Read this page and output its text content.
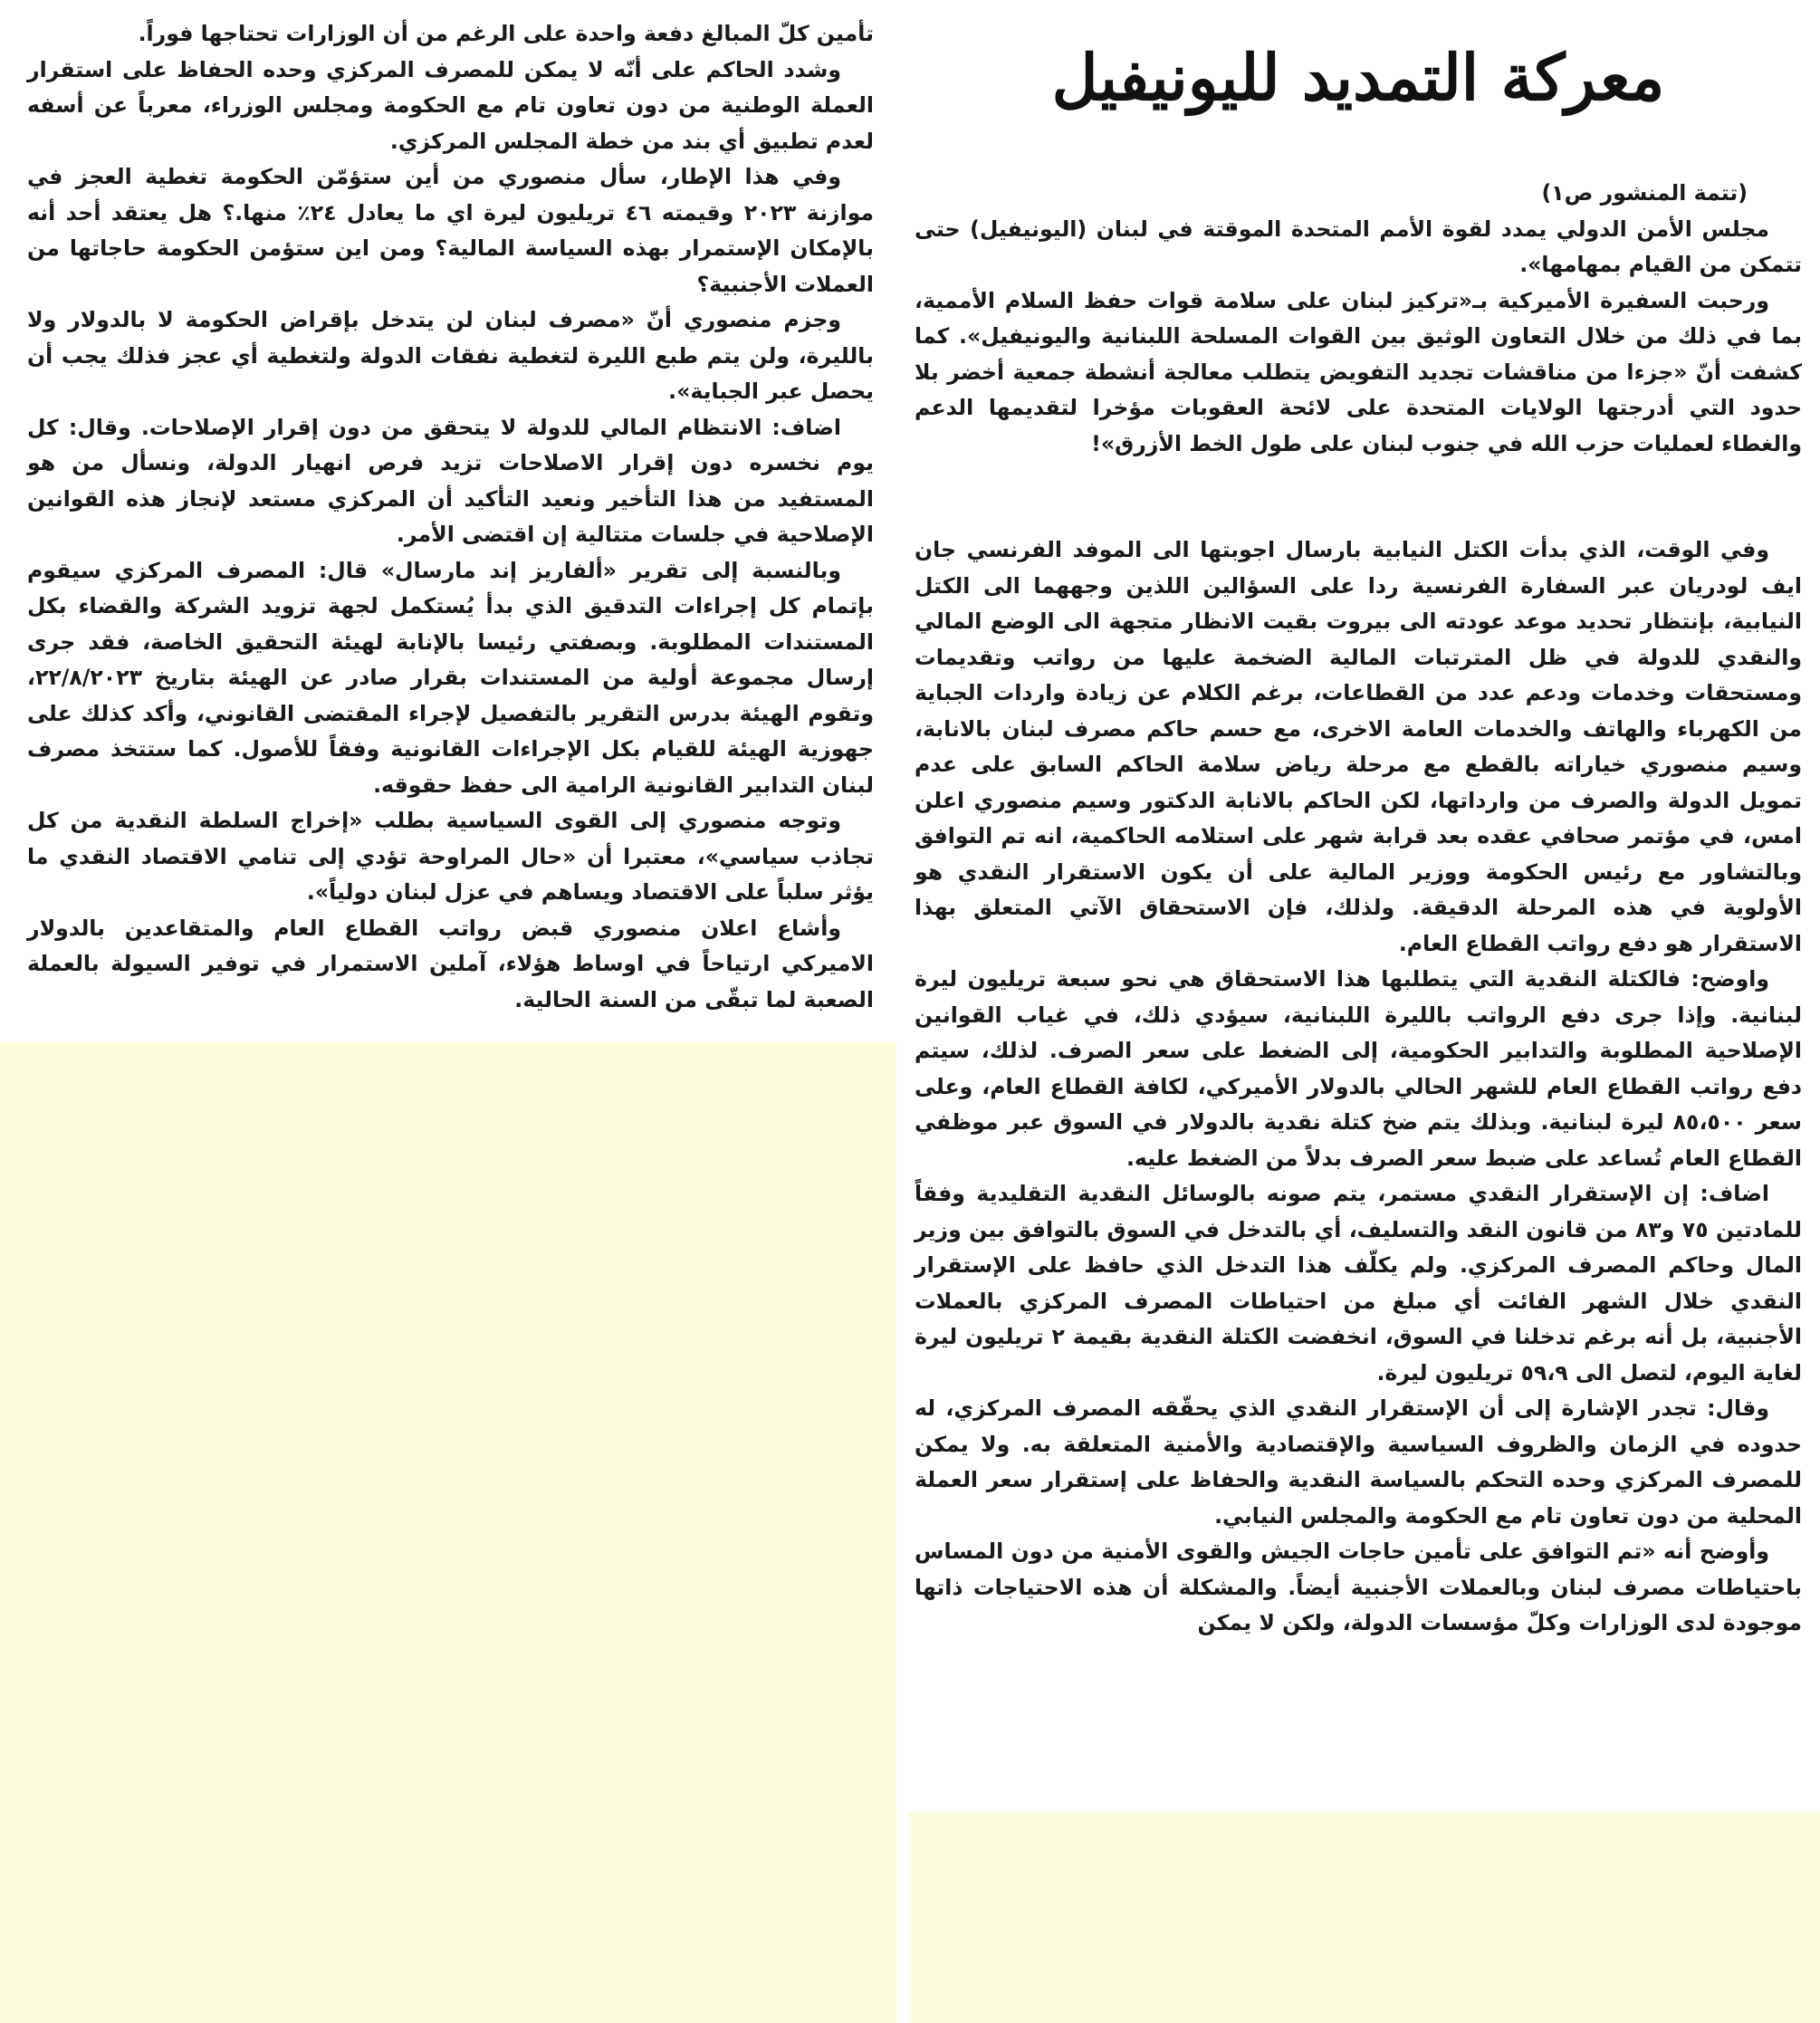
معركة التمديد لليونيفيل

(تتمة المنشور ص١)

مجلس الأمن الدولي يمدد لقوة الأمم المتحدة الموقتة في لبنان (اليونيفيل) حتى تتمكن من القيام بمهامها».

ورحبت السفيرة الأميركية بـ«تركيز لبنان على سلامة قوات حفظ السلام الأممية، بما في ذلك من خلال التعاون الوثيق بين القوات المسلحة اللبنانية واليونيفيل». كما كشفت أنّ «جزءا من مناقشات تجديد التفويض يتطلب معالجة أنشطة جمعية أخضر بلا حدود التي أدرجتها الولايات المتحدة على لائحة العقوبات مؤخرا لتقديمها الدعم والغطاء لعمليات حزب الله في جنوب لبنان على طول الخط الأزرق»!

وفي الوقت، الذي بدأت الكتل النيابية بارسال اجوبتها الى الموفد الفرنسي جان ايف لودريان عبر السفارة الفرنسية ردا على السؤالين اللذين وجههما الى الكتل النيابية، بإنتظار تحديد موعد عودته الى بيروت بقيت الانظار متجهة الى الوضع المالي والنقدي للدولة في ظل المترتبات المالية الضخمة عليها من رواتب وتقديمات ومستحقات وخدمات ودعم عدد من القطاعات، برغم الكلام عن زيادة واردات الجباية من الكهرباء والهاتف والخدمات العامة الاخرى، مع حسم حاكم مصرف لبنان بالانابة، وسيم منصوري خياراته بالقطع مع مرحلة رياض سلامة الحاكم السابق على عدم تمويل الدولة والصرف من وارداتها، لكن الحاكم بالانابة الدكتور وسيم منصوري اعلن امس، في مؤتمر صحافي عقده بعد قرابة شهر على استلامه الحاكمية، انه تم التوافق وبالتشاور مع رئيس الحكومة ووزير المالية على أن يكون الاستقرار النقدي هو الأولوية في هذه المرحلة الدقيقة. ولذلك، فإن الاستحقاق الآتي المتعلق بهذا الاستقرار هو دفع رواتب القطاع العام.

واوضح: فالكتلة النقدية التي يتطلبها هذا الاستحقاق هي نحو سبعة تريليون ليرة لبنانية. وإذا جرى دفع الرواتب بالليرة اللبنانية، سيؤدي ذلك، في غياب القوانين الإصلاحية المطلوبة والتدابير الحكومية، إلى الضغط على سعر الصرف. لذلك، سيتم دفع رواتب القطاع العام للشهر الحالي بالدولار الأميركي، لكافة القطاع العام، وعلى سعر ٨٥،٥٠٠ ليرة لبنانية. وبذلك يتم ضخ كتلة نقدية بالدولار في السوق عبر موظفي القطاع العام تُساعد على ضبط سعر الصرف بدلاً من الضغط عليه.

اضاف: إن الإستقرار النقدي مستمر، يتم صونه بالوسائل النقدية التقليدية وفقاً للمادتين ٧٥ و٨٣ من قانون النقد والتسليف، أي بالتدخل في السوق بالتوافق بين وزير المال وحاكم المصرف المركزي. ولم يكلّف هذا التدخل الذي حافظ على الإستقرار النقدي خلال الشهر الفائت أي مبلغ من احتياطات المصرف المركزي بالعملات الأجنبية، بل أنه برغم تدخلنا في السوق، انخفضت الكتلة النقدية بقيمة ٢ تريليون ليرة لغاية اليوم، لتصل الى ٥٩،٩ تريليون ليرة.

وقال: تجدر الإشارة إلى أن الإستقرار النقدي الذي يحقّقه المصرف المركزي، له حدوده في الزمان والظروف السياسية والإقتصادية والأمنية المتعلقة به. ولا يمكن للمصرف المركزي وحده التحكم بالسياسة النقدية والحفاظ على إستقرار سعر العملة المحلية من دون تعاون تام مع الحكومة والمجلس النيابي.

وأوضح أنه «تم التوافق على تأمين حاجات الجيش والقوى الأمنية من دون المساس باحتياطات مصرف لبنان وبالعملات الأجنبية أيضاً. والمشكلة أن هذه الاحتياجات ذاتها موجودة لدى الوزارات وكلّ مؤسسات الدولة، ولكن لا يمكن

تأمين كلّ المبالغ دفعة واحدة على الرغم من أن الوزارات تحتاجها فوراً.

وشدد الحاكم على أنّه لا يمكن للمصرف المركزي وحده الحفاظ على استقرار العملة الوطنية من دون تعاون تام مع الحكومة ومجلس الوزراء، معرباً عن أسفه لعدم تطبيق أي بند من خطة المجلس المركزي.

وفي هذا الإطار، سأل منصوري من أين ستؤمّن الحكومة تغطية العجز في موازنة ٢٠٢٣ وقيمته ٤٦ تريليون ليرة اي ما يعادل ٢٤٪ منها.؟ هل يعتقد أحد أنه بالإمكان الإستمرار بهذه السياسة المالية؟ ومن اين ستؤمن الحكومة حاجاتها من العملات الأجنبية؟

وجزم منصوري أنّ «مصرف لبنان لن يتدخل بإقراض الحكومة لا بالدولار ولا بالليرة، ولن يتم طبع الليرة لتغطية نفقات الدولة ولتغطية أي عجز فذلك يجب أن يحصل عبر الجباية».

اضاف: الانتظام المالي للدولة لا يتحقق من دون إقرار الإصلاحات. وقال: كل يوم نخسره دون إقرار الاصلاحات تزيد فرص انهيار الدولة، ونسأل من هو المستفيد من هذا التأخير ونعيد التأكيد أن المركزي مستعد لإنجاز هذه القوانين الإصلاحية في جلسات متتالية إن اقتضى الأمر.

وبالنسبة إلى تقرير «ألفاريز إند مارسال» قال: المصرف المركزي سيقوم بإتمام كل إجراءات التدقيق الذي بدأ يُستكمل لجهة تزويد الشركة والقضاء بكل المستندات المطلوبة. وبصفتي رئيسا بالإنابة لهيئة التحقيق الخاصة، فقد جرى إرسال مجموعة أولية من المستندات بقرار صادر عن الهيئة بتاريخ ٢٢/٨/٢٠٢٣، وتقوم الهيئة بدرس التقرير بالتفصيل لإجراء المقتضى القانوني، وأكد كذلك على جهوزية الهيئة للقيام بكل الإجراءات القانونية وفقاً للأصول. كما ستتخذ مصرف لبنان التدابير القانونية الرامية الى حفظ حقوقه.

وتوجه منصوري إلى القوى السياسية بطلب «إخراج السلطة النقدية من كل تجاذب سياسي»، معتبرا أن «حال المراوحة تؤدي إلى تنامي الاقتصاد النقدي ما يؤثر سلباً على الاقتصاد ويساهم في عزل لبنان دولياً».

وأشاع اعلان منصوري قبض رواتب القطاع العام والمتقاعدين بالدولار الاميركي ارتياحاً في اوساط هؤلاء، آملين الاستمرار في توفير السيولة بالعملة الصعبة لما تبقّى من السنة الحالية.
